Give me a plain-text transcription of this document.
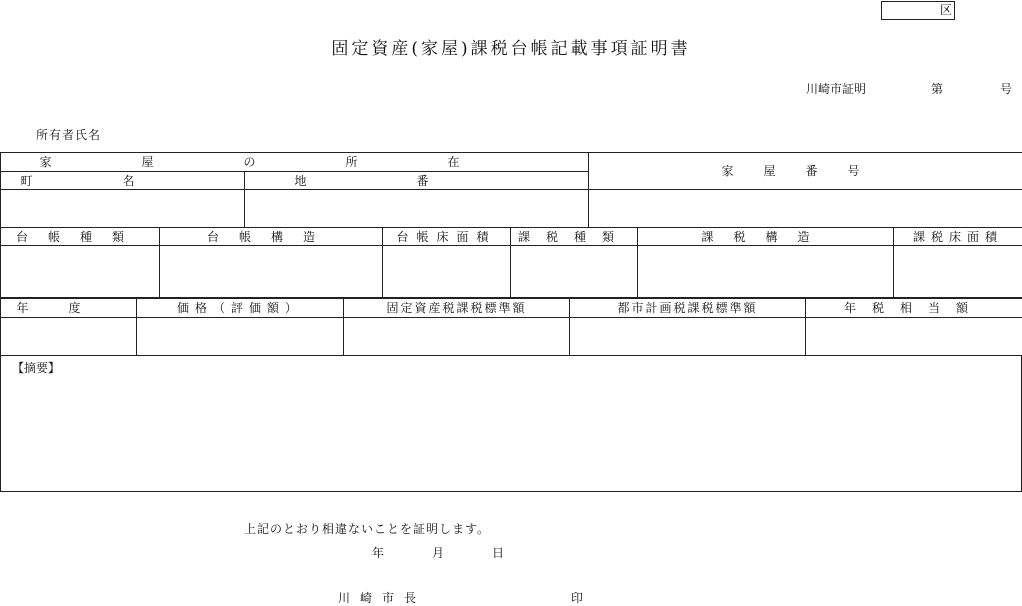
区
固定資産(家屋)課税台帳記載事項証明書
川崎市証明	第	号
所有者氏名
家屋の所在		家屋番号
町名	地番	

台帳種類	台帳構造	台帳床面積	課税種類	課税構造	課税床面積

年度	価格（評価額）	固定資産税課税標準額	都市計画税課税標準額	年税相当額

【摘要】
上記のとおり相違ないことを証明します。
年	月	日
川崎市長	印
